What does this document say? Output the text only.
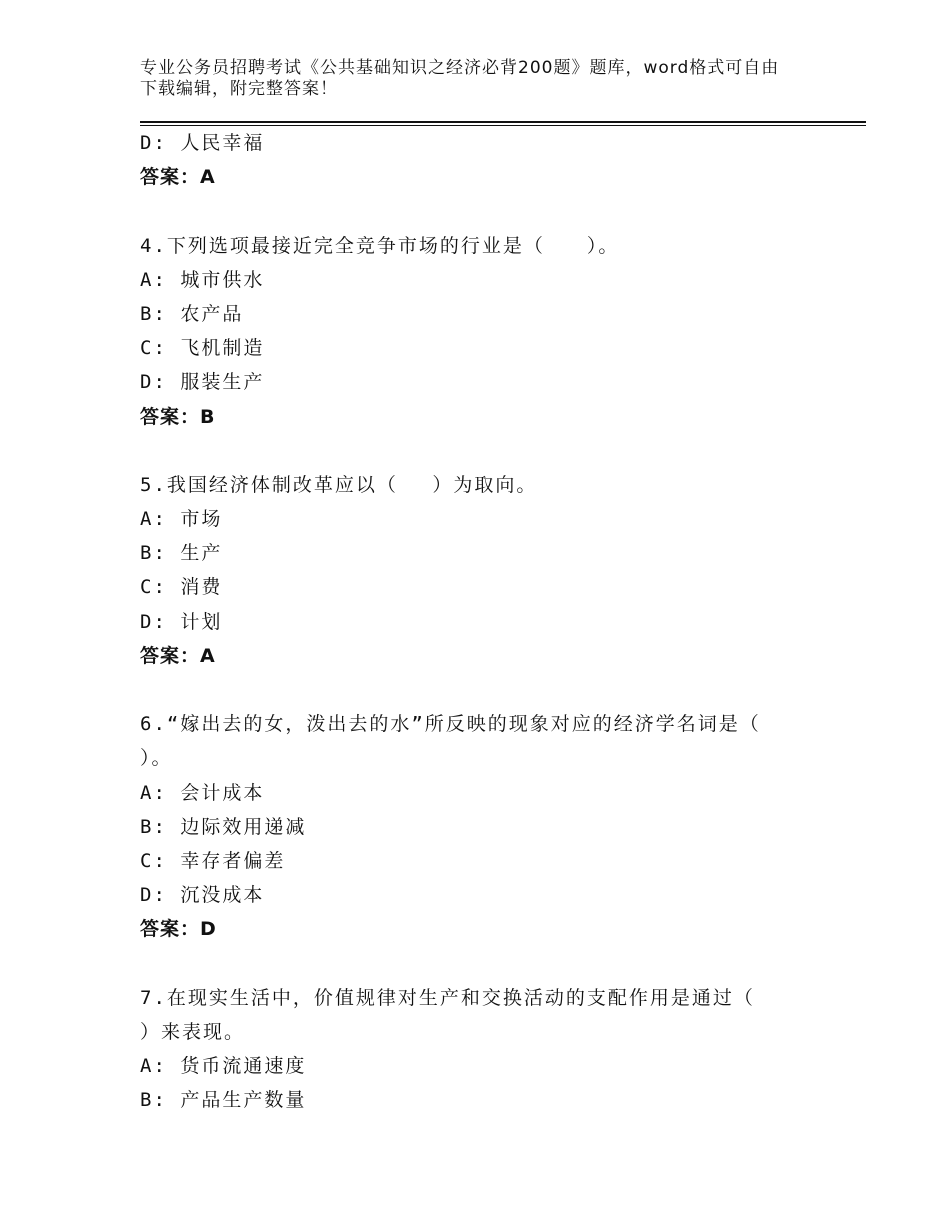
专业公务员招聘考试《公共基础知识之经济必背200题》题库，word格式可自由
下载编辑，附完整答案！
D: 人民幸福
答案：A
4.下列选项最接近完全竞争市场的行业是（　　）。
A: 城市供水
B: 农产品
C: 飞机制造
D: 服装生产
答案：B
5.我国经济体制改革应以（　 ）为取向。
A: 市场
B: 生产
C: 消费
D: 计划
答案：A
6.“嫁出去的女，泼出去的水”所反映的现象对应的经济学名词是（
）。
A: 会计成本
B: 边际效用递减
C: 幸存者偏差
D: 沉没成本
答案：D
7.在现实生活中，价值规律对生产和交换活动的支配作用是通过（
）来表现。
A: 货币流通速度
B: 产品生产数量
